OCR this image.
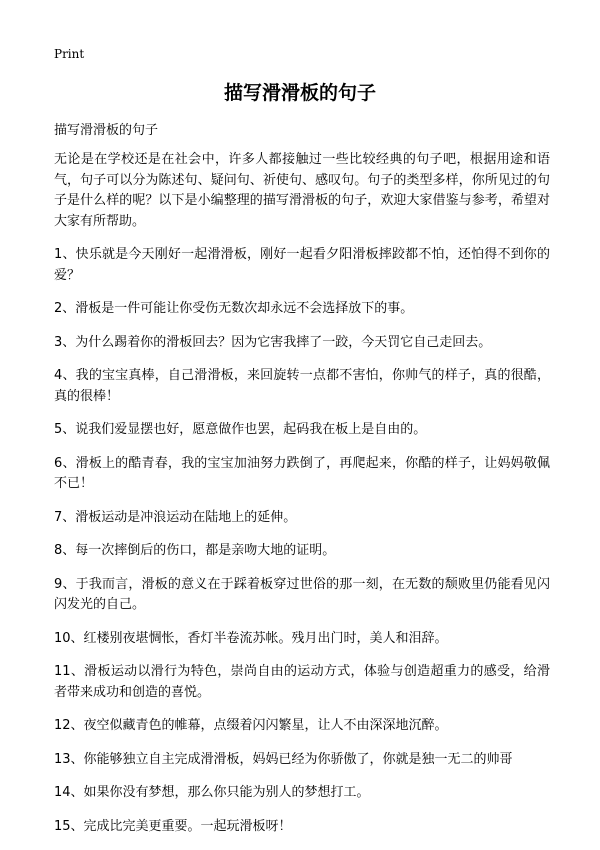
Print
描写滑滑板的句子
描写滑滑板的句子

无论是在学校还是在社会中，许多人都接触过一些比较经典的句子吧，根据用途和语气，句子可以分为陈述句、疑问句、祈使句、感叹句。句子的类型多样，你所见过的句子是什么样的呢？以下是小编整理的描写滑滑板的句子，欢迎大家借鉴与参考，希望对大家有所帮助。

1、快乐就是今天刚好一起滑滑板，刚好一起看夕阳滑板摔跤都不怕，还怕得不到你的爱？

2、滑板是一件可能让你受伤无数次却永远不会选择放下的事。

3、为什么踢着你的滑板回去？因为它害我摔了一跤，今天罚它自己走回去。

4、我的宝宝真棒，自己滑滑板，来回旋转一点都不害怕，你帅气的样子，真的很酷，真的很棒！

5、说我们爱显摆也好，愿意做作也罢，起码我在板上是自由的。

6、滑板上的酷青春，我的宝宝加油努力跌倒了，再爬起来，你酷的样子，让妈妈敬佩不已！

7、滑板运动是冲浪运动在陆地上的延伸。

8、每一次摔倒后的伤口，都是亲吻大地的证明。

9、于我而言，滑板的意义在于踩着板穿过世俗的那一刻，在无数的颓败里仍能看见闪闪发光的自己。

10、红楼别夜堪惆怅，香灯半卷流苏帐。残月出门时，美人和泪辞。

11、滑板运动以滑行为特色，崇尚自由的运动方式，体验与创造超重力的感受，给滑者带来成功和创造的喜悦。

12、夜空似藏青色的帷幕，点缀着闪闪繁星，让人不由深深地沉醉。

13、你能够独立自主完成滑滑板，妈妈已经为你骄傲了，你就是独一无二的帅哥

14、如果你没有梦想，那么你只能为别人的梦想打工。

15、完成比完美更重要。一起玩滑板呀！
